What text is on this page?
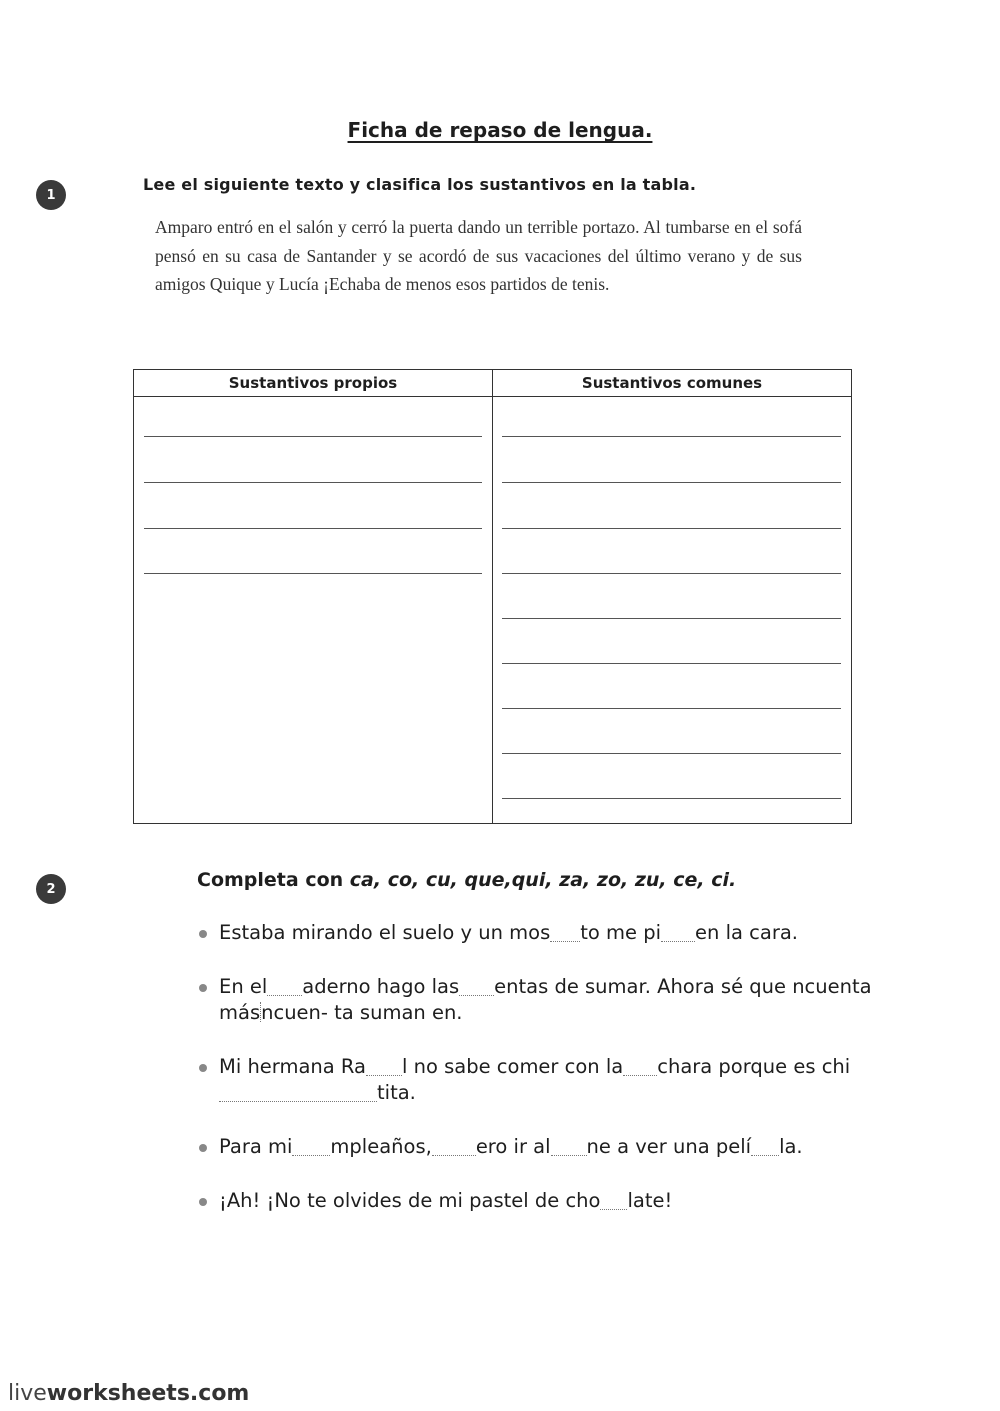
Ficha de repaso de lengua.
1
Lee el siguiente texto y clasifica los sustantivos en la tabla.
Amparo entró en el salón y cerró la puerta dando un terrible portazo. Al tumbarse en el sofá pensó en su casa de Santander y se acordó de sus vacaciones del último verano y de sus amigos Quique y Lucía ¡Echaba de menos esos partidos de tenis.
Sustantivos propios	Sustantivos comunes

2	Completa con ca, co, cu, que,qui, za, zo, zu, ce, ci.
Estaba mirando el suelo y un mos to me pi en la cara.
En el aderno hago las entas de sumar. Ahora sé que ncuenta másncuen- ta suman en.
Mi hermana Ra l no sabe comer con la chara porque es chitita.
Para mi mpleaños, ero ir al ne a ver una pelí la.
¡Ah! ¡No te olvides de mi pastel de cho late!
liveworksheets.com
